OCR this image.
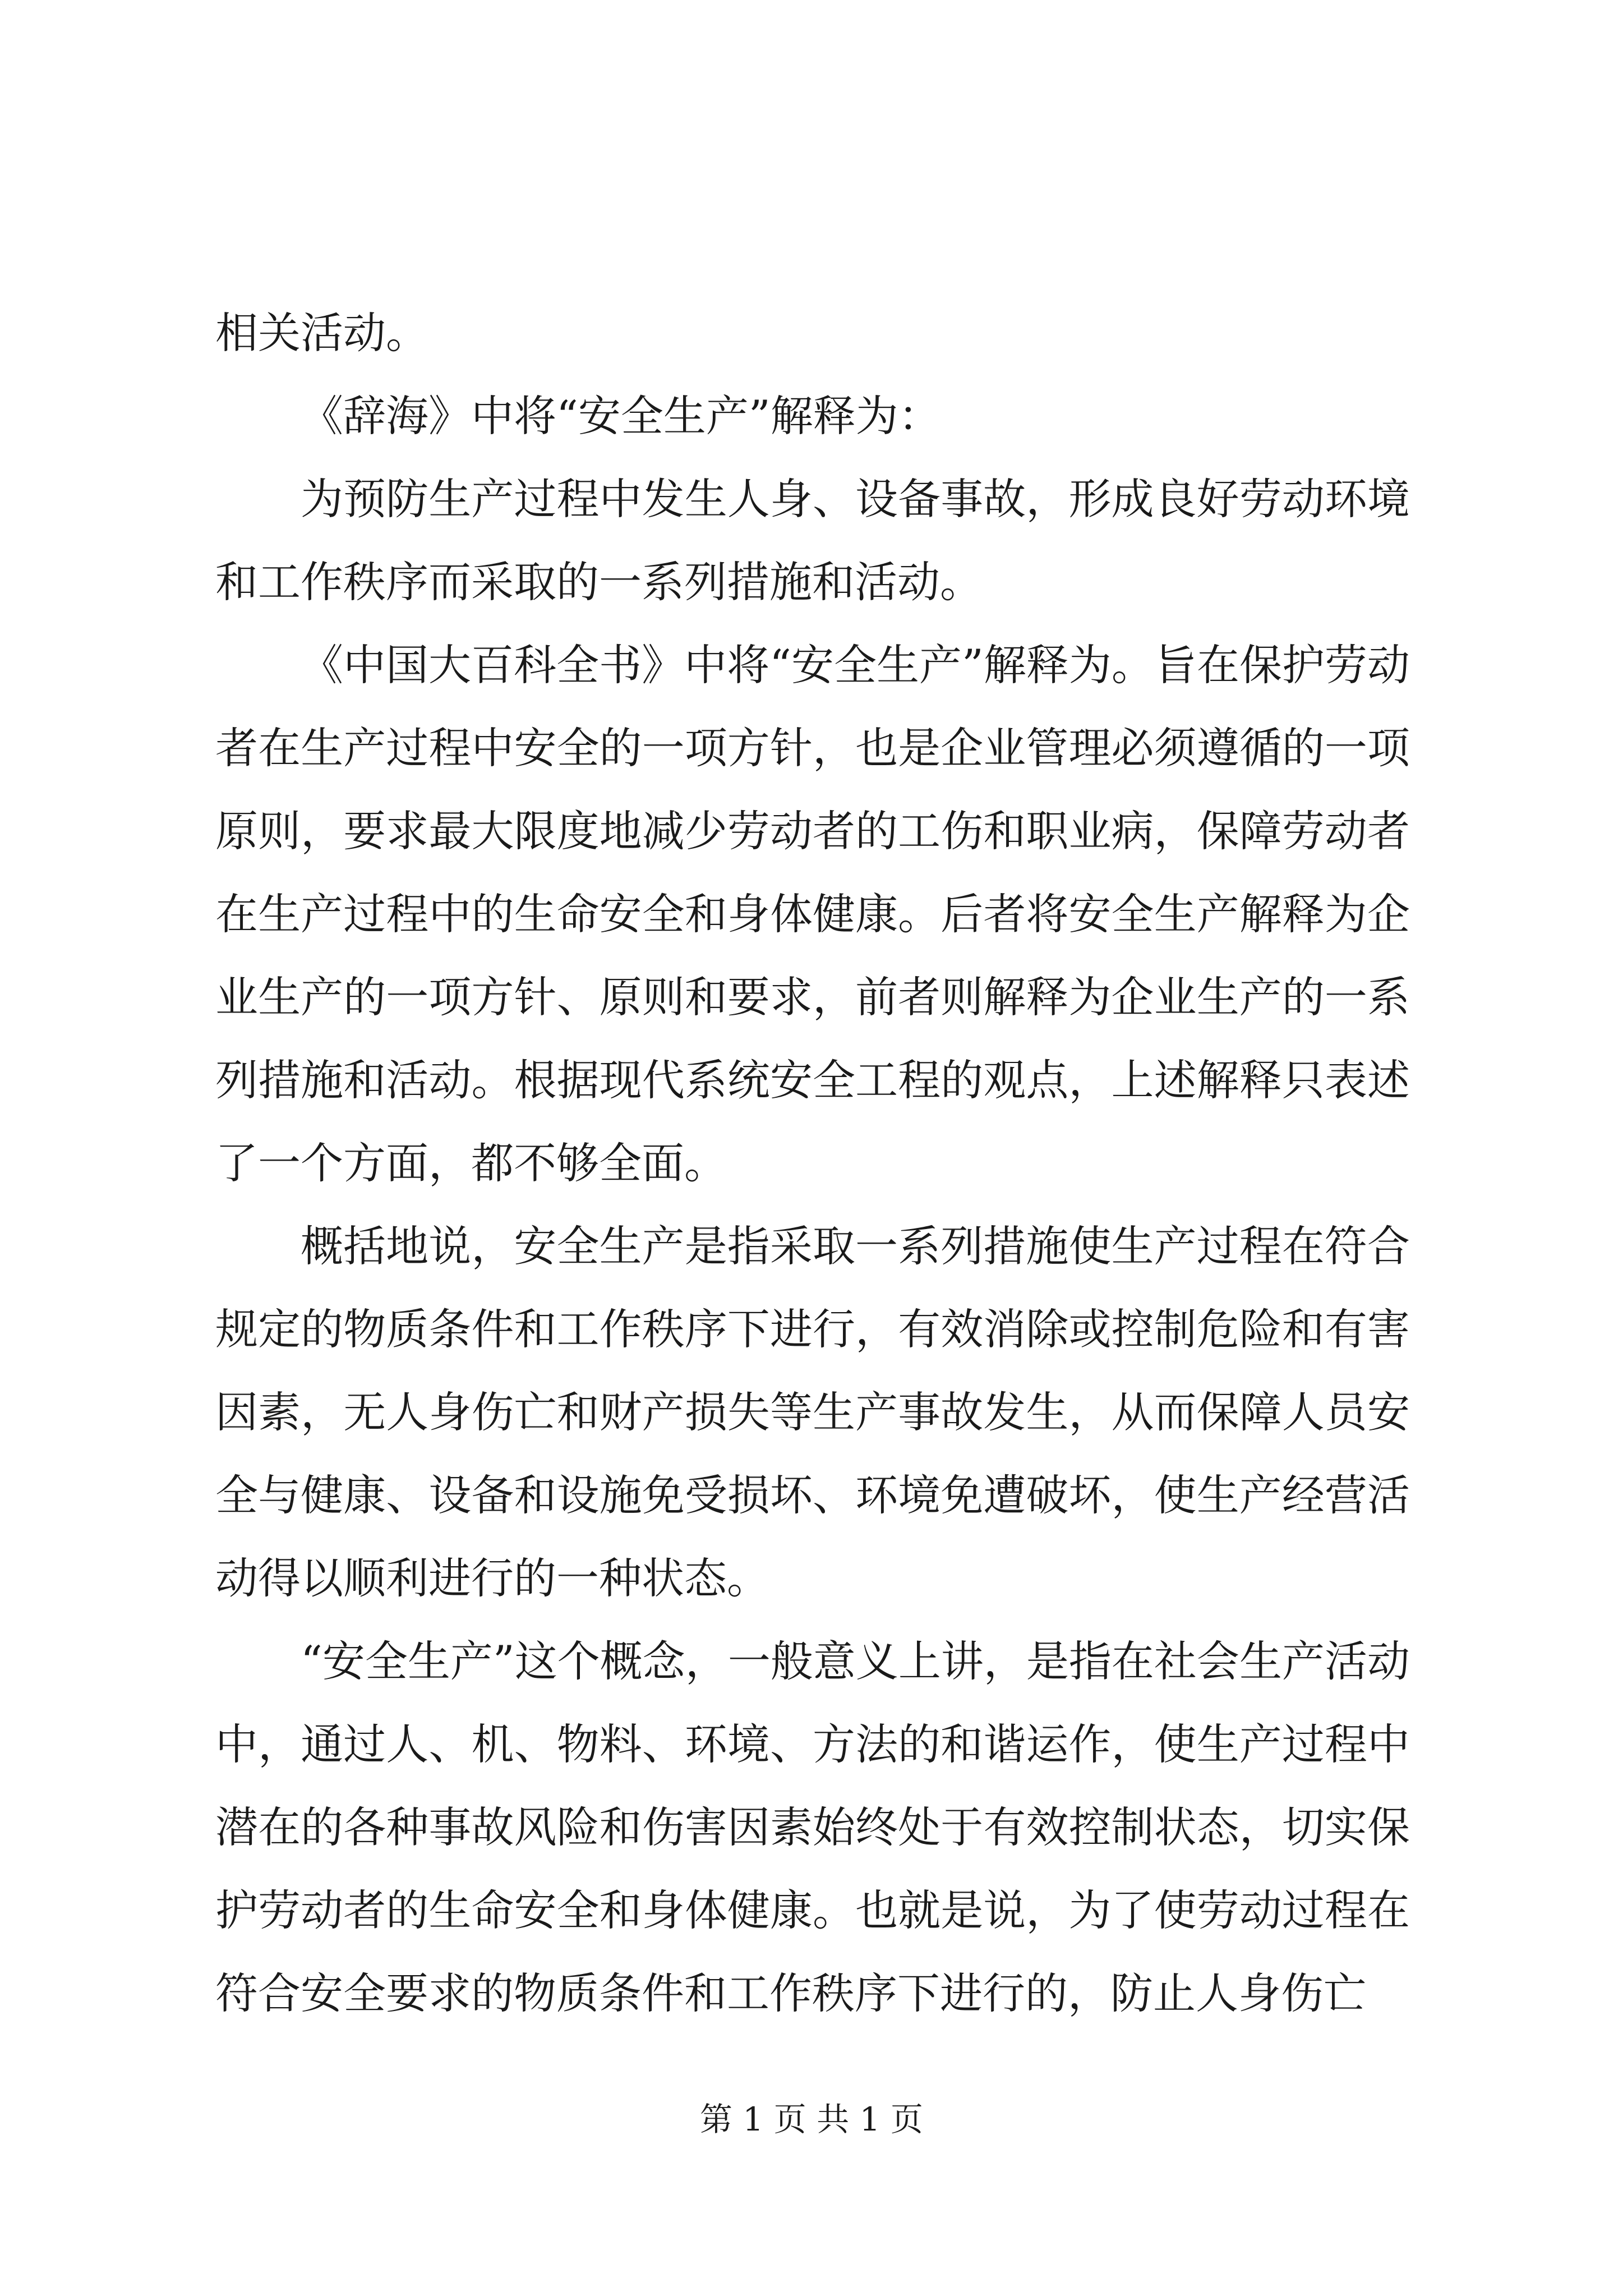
相关活动。

《辞海》中将“安全生产”解释为：

为预防生产过程中发生人身、设备事故，形成良好劳动环境和工作秩序而采取的一系列措施和活动。

《中国大百科全书》中将“安全生产”解释为。旨在保护劳动者在生产过程中安全的一项方针，也是企业管理必须遵循的一项原则，要求最大限度地减少劳动者的工伤和职业病，保障劳动者在生产过程中的生命安全和身体健康。后者将安全生产解释为企业生产的一项方针、原则和要求，前者则解释为企业生产的一系列措施和活动。根据现代系统安全工程的观点，上述解释只表述了一个方面，都不够全面。

概括地说，安全生产是指采取一系列措施使生产过程在符合规定的物质条件和工作秩序下进行，有效消除或控制危险和有害因素，无人身伤亡和财产损失等生产事故发生，从而保障人员安全与健康、设备和设施免受损坏、环境免遭破坏，使生产经营活动得以顺利进行的一种状态。

“安全生产”这个概念，一般意义上讲，是指在社会生产活动中，通过人、机、物料、环境、方法的和谐运作，使生产过程中潜在的各种事故风险和伤害因素始终处于有效控制状态，切实保护劳动者的生命安全和身体健康。也就是说，为了使劳动过程在符合安全要求的物质条件和工作秩序下进行的，防止人身伤亡

第 1 页 共 1 页
